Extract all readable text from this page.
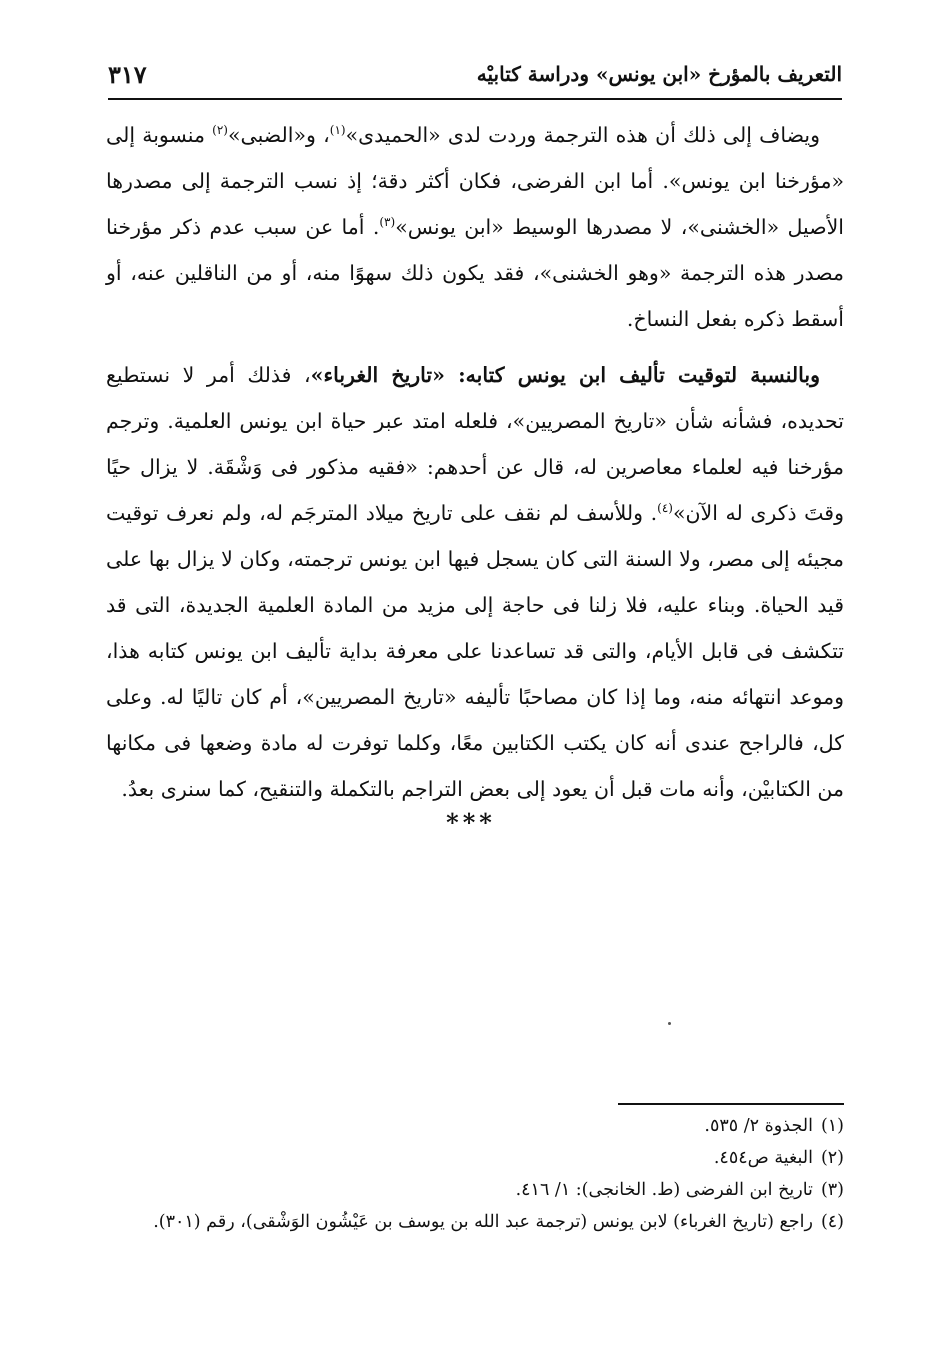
التعريف بالمؤرخ «ابن يونس» ودراسة كتابيْه
٣١٧

ويضاف إلى ذلك أن هذه الترجمة وردت لدى «الحميدى»$^{(١)}$، و«الضبى»$^{(٢)}$ منسوبة إلى «مؤرخنا ابن يونس». أما ابن الفرضى، فكان أكثر دقة؛ إذ نسب الترجمة إلى مصدرها الأصيل «الخشنى»، لا مصدرها الوسيط «ابن يونس»$^{(٣)}$. أما عن سبب عدم ذكر مؤرخنا مصدر هذه الترجمة «وهو الخشنى»، فقد يكون ذلك سهوًا منه، أو من الناقلين عنه، أو أسقط ذكره بفعل النساخ.

وبالنسبة لتوقيت تأليف ابن يونس كتابه: «تاريخ الغرباء»، فذلك أمر لا نستطيع تحديده، فشأنه شأن «تاريخ المصريين»، فلعله امتد عبر حياة ابن يونس العلمية. وترجم مؤرخنا فيه لعلماء معاصرين له، قال عن أحدهم: «فقيه مذكور فى وَشْقَة. لا يزال حيًا وقتَ ذكرى له الآن»$^{(٤)}$. وللأسف لم نقف على تاريخ ميلاد المترجَم له، ولم نعرف توقيت مجيئه إلى مصر، ولا السنة التى كان يسجل فيها ابن يونس ترجمته، وكان لا يزال بها على قيد الحياة. وبناء عليه، فلا زلنا فى حاجة إلى مزيد من المادة العلمية الجديدة، التى قد تتكشف فى قابل الأيام، والتى قد تساعدنا على معرفة بداية تأليف ابن يونس كتابه هذا، وموعد انتهائه منه، وما إذا كان مصاحبًا تأليفه «تاريخ المصريين»، أم كان تاليًا له. وعلى كل، فالراجح عندى أنه كان يكتب الكتابين معًا، وكلما توفرت له مادة وضعها فى مكانها من الكتابيْن، وأنه مات قبل أن يعود إلى بعض التراجم بالتكملة والتنقيح، كما سنرى بعدُ.

***

(١)
الجذوة ٢/ ٥٣٥.

(٢)
البغية ص٤٥٤.

(٣)
تاريخ ابن الفرضى (ط. الخانجى): ١/ ٤١٦.

(٤)
راجع (تاريخ الغرباء) لابن يونس (ترجمة عبد الله بن يوسف بن عَيْشُون الوَشْقى)، رقم (٣٠١).
